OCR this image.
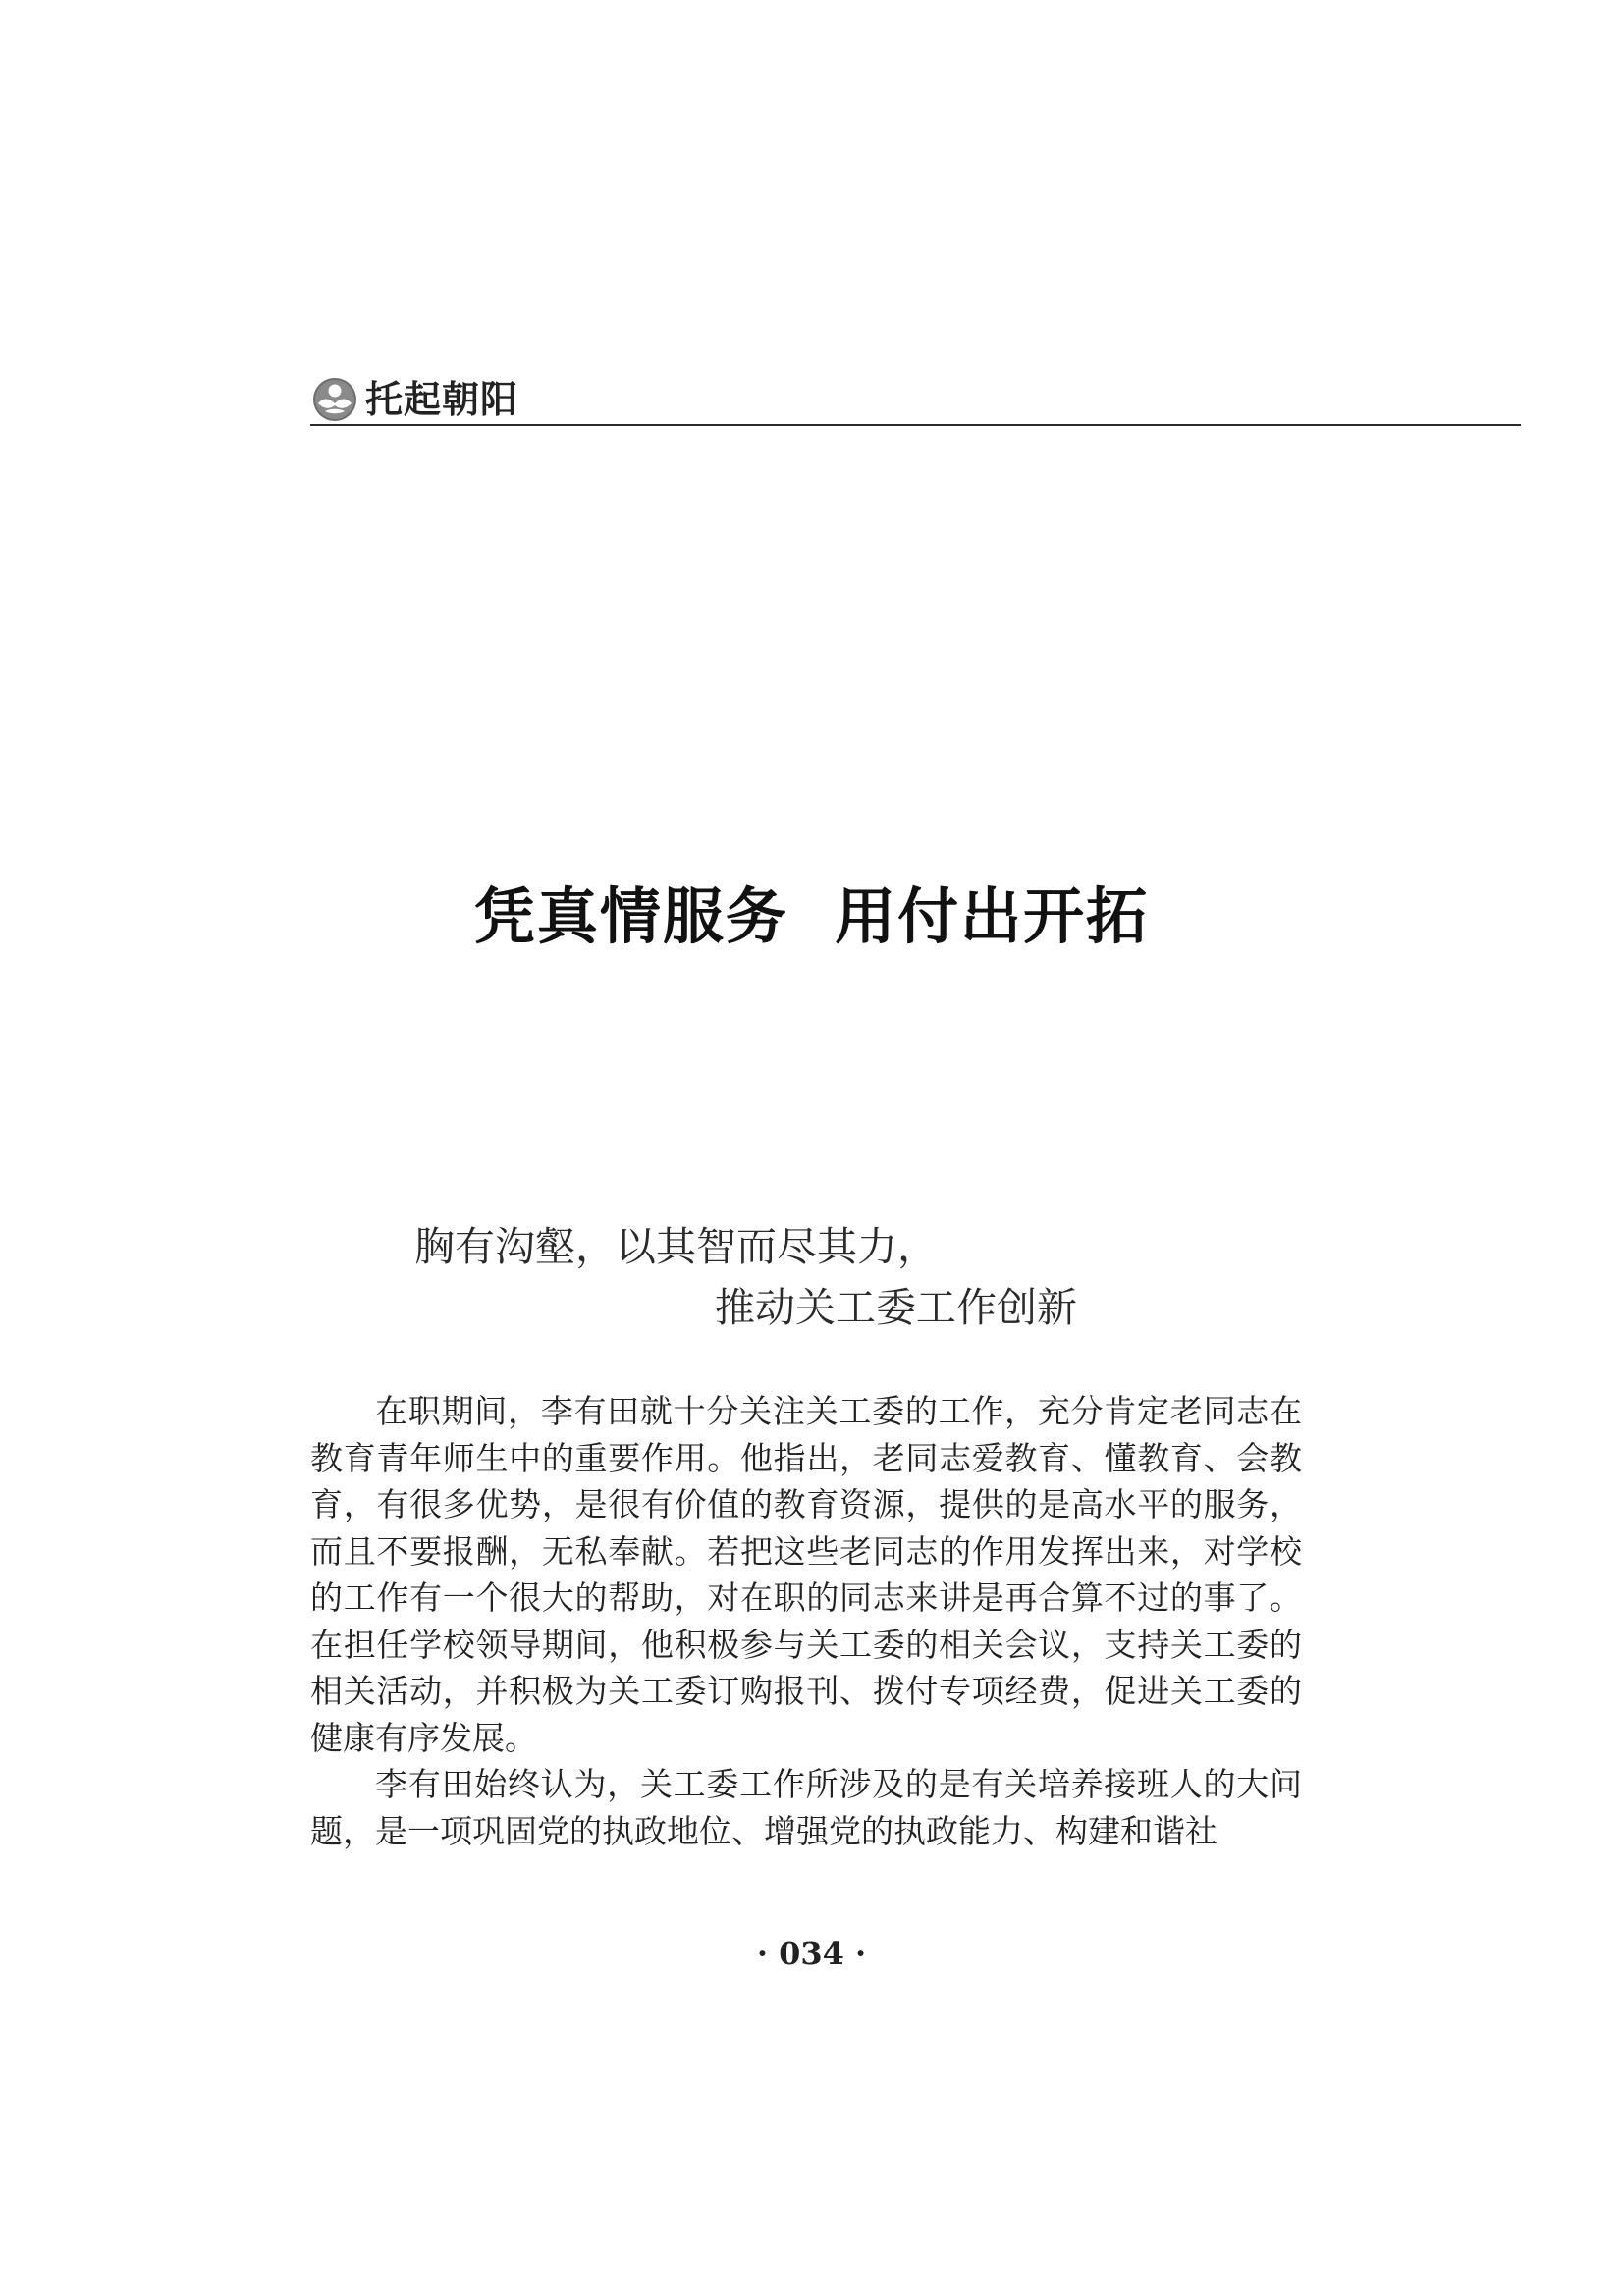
托起朝阳
凭真情服务  用付出开拓
胸有沟壑，以其智而尽其力，
推动关工委工作创新

在职期间，李有田就十分关注关工委的工作，充分肯定老同志在教育青年师生中的重要作用。他指出，老同志爱教育、懂教育、会教育，有很多优势，是很有价值的教育资源，提供的是高水平的服务，而且不要报酬，无私奉献。若把这些老同志的作用发挥出来，对学校的工作有一个很大的帮助，对在职的同志来讲是再合算不过的事了。在担任学校领导期间，他积极参与关工委的相关会议，支持关工委的相关活动，并积极为关工委订购报刊、拨付专项经费，促进关工委的健康有序发展。

李有田始终认为，关工委工作所涉及的是有关培养接班人的大问题，是一项巩固党的执政地位、增强党的执政能力、构建和谐社

· 034 ·
